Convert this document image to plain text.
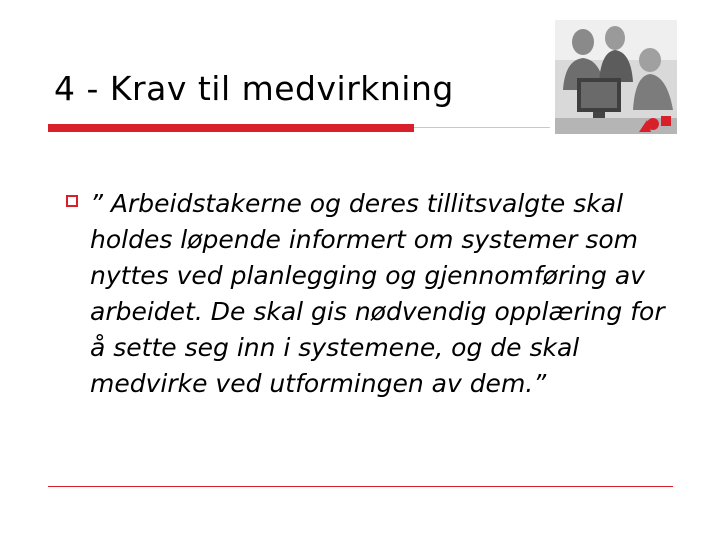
4 - Krav til medvirkning
” Arbeidstakerne og deres tillitsvalgte skal holdes løpende informert om systemer som nyttes ved planlegging og gjennomføring av arbeidet. De skal gis nødvendig opplæring for å sette seg inn i systemene, og de skal medvirke ved utformingen av dem.”
